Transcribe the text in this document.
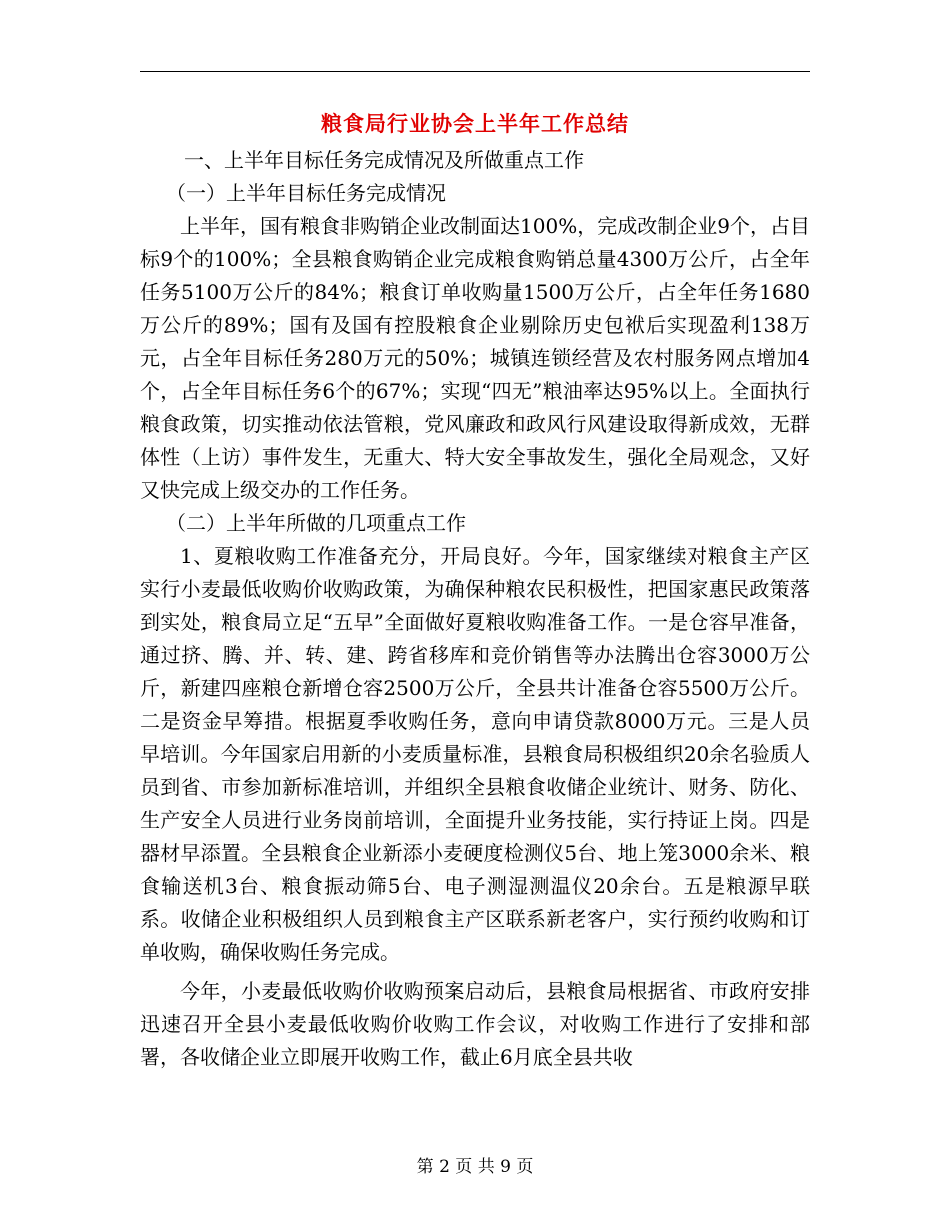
粮食局行业协会上半年工作总结

一、上半年目标任务完成情况及所做重点工作

（一）上半年目标任务完成情况

上半年，国有粮食非购销企业改制面达100%，完成改制企业9个，占目标9个的100%；全县粮食购销企业完成粮食购销总量4300万公斤，占全年任务5100万公斤的84%；粮食订单收购量1500万公斤，占全年任务1680万公斤的89%；国有及国有控股粮食企业剔除历史包袱后实现盈利138万元，占全年目标任务280万元的50%；城镇连锁经营及农村服务网点增加4个，占全年目标任务6个的67%；实现“四无”粮油率达95%以上。全面执行粮食政策，切实推动依法管粮，党风廉政和政风行风建设取得新成效，无群体性（上访）事件发生，无重大、特大安全事故发生，强化全局观念，又好又快完成上级交办的工作任务。

（二）上半年所做的几项重点工作

1、夏粮收购工作准备充分，开局良好。今年，国家继续对粮食主产区实行小麦最低收购价收购政策，为确保种粮农民积极性，把国家惠民政策落到实处，粮食局立足“五早”全面做好夏粮收购准备工作。一是仓容早准备，通过挤、腾、并、转、建、跨省移库和竞价销售等办法腾出仓容3000万公斤，新建四座粮仓新增仓容2500万公斤，全县共计准备仓容5500万公斤。二是资金早筹措。根据夏季收购任务，意向申请贷款8000万元。三是人员早培训。今年国家启用新的小麦质量标准，县粮食局积极组织20余名验质人员到省、市参加新标准培训，并组织全县粮食收储企业统计、财务、防化、生产安全人员进行业务岗前培训，全面提升业务技能，实行持证上岗。四是器材早添置。全县粮食企业新添小麦硬度检测仪5台、地上笼3000余米、粮食输送机3台、粮食振动筛5台、电子测湿测温仪20余台。五是粮源早联系。收储企业积极组织人员到粮食主产区联系新老客户，实行预约收购和订单收购，确保收购任务完成。

今年，小麦最低收购价收购预案启动后，县粮食局根据省、市政府安排迅速召开全县小麦最低收购价收购工作会议，对收购工作进行了安排和部署，各收储企业立即展开收购工作，截止6月底全县共收

第 2 页 共 9 页
